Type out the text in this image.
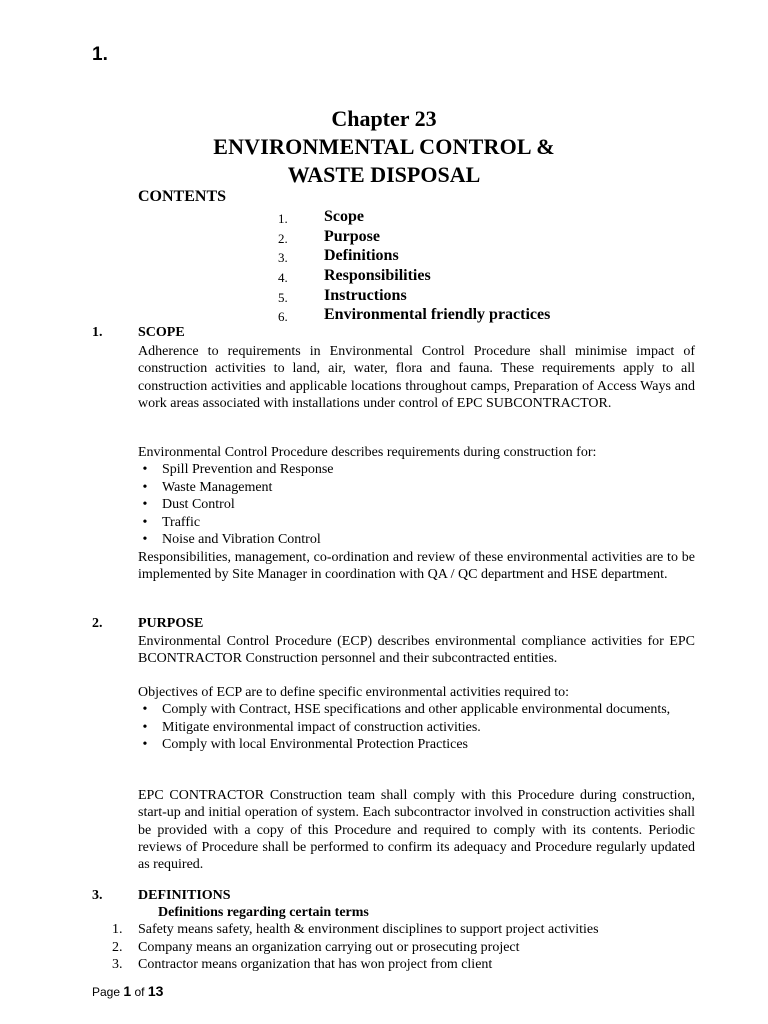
1.
Chapter 23
ENVIRONMENTAL CONTROL &
WASTE DISPOSAL
CONTENTS
1. Scope
2. Purpose
3. Definitions
4. Responsibilities
5. Instructions
6. Environmental friendly practices
1.	SCOPE

Adherence to requirements in Environmental Control Procedure shall minimise impact of construction activities to land, air, water, flora and fauna. These requirements apply to all construction activities and applicable locations throughout camps, Preparation of Access Ways and work areas associated with installations under control of EPC SUBCONTRACTOR.

Environmental Control Procedure describes requirements during construction for:

•	Spill Prevention and Response
•	Waste Management
•	Dust Control
•	Traffic
•	Noise and Vibration Control

Responsibilities, management, co-ordination and review of these environmental activities are to be implemented by Site Manager in coordination with QA / QC department and HSE department.

2.	PURPOSE

Environmental Control Procedure (ECP) describes environmental compliance activities for EPC BCONTRACTOR Construction personnel and their subcontracted entities.

Objectives of ECP are to define specific environmental activities required to:

•	Comply with Contract, HSE specifications and other applicable environmental documents,
•	Mitigate environmental impact of construction activities.
•	Comply with local Environmental Protection Practices

EPC CONTRACTOR Construction team shall comply with this Procedure during construction, start-up and initial operation of system. Each subcontractor involved in construction activities shall be provided with a copy of this Procedure and required to comply with its contents. Periodic reviews of Procedure shall be performed to confirm its adequacy and Procedure regularly updated as required.

3.	DEFINITIONS
Definitions regarding certain terms
1. Safety means safety, health & environment disciplines to support project activities
2. Company means an organization carrying out or prosecuting project
3. Contractor means organization that has won project from client
Page 1 of 13
